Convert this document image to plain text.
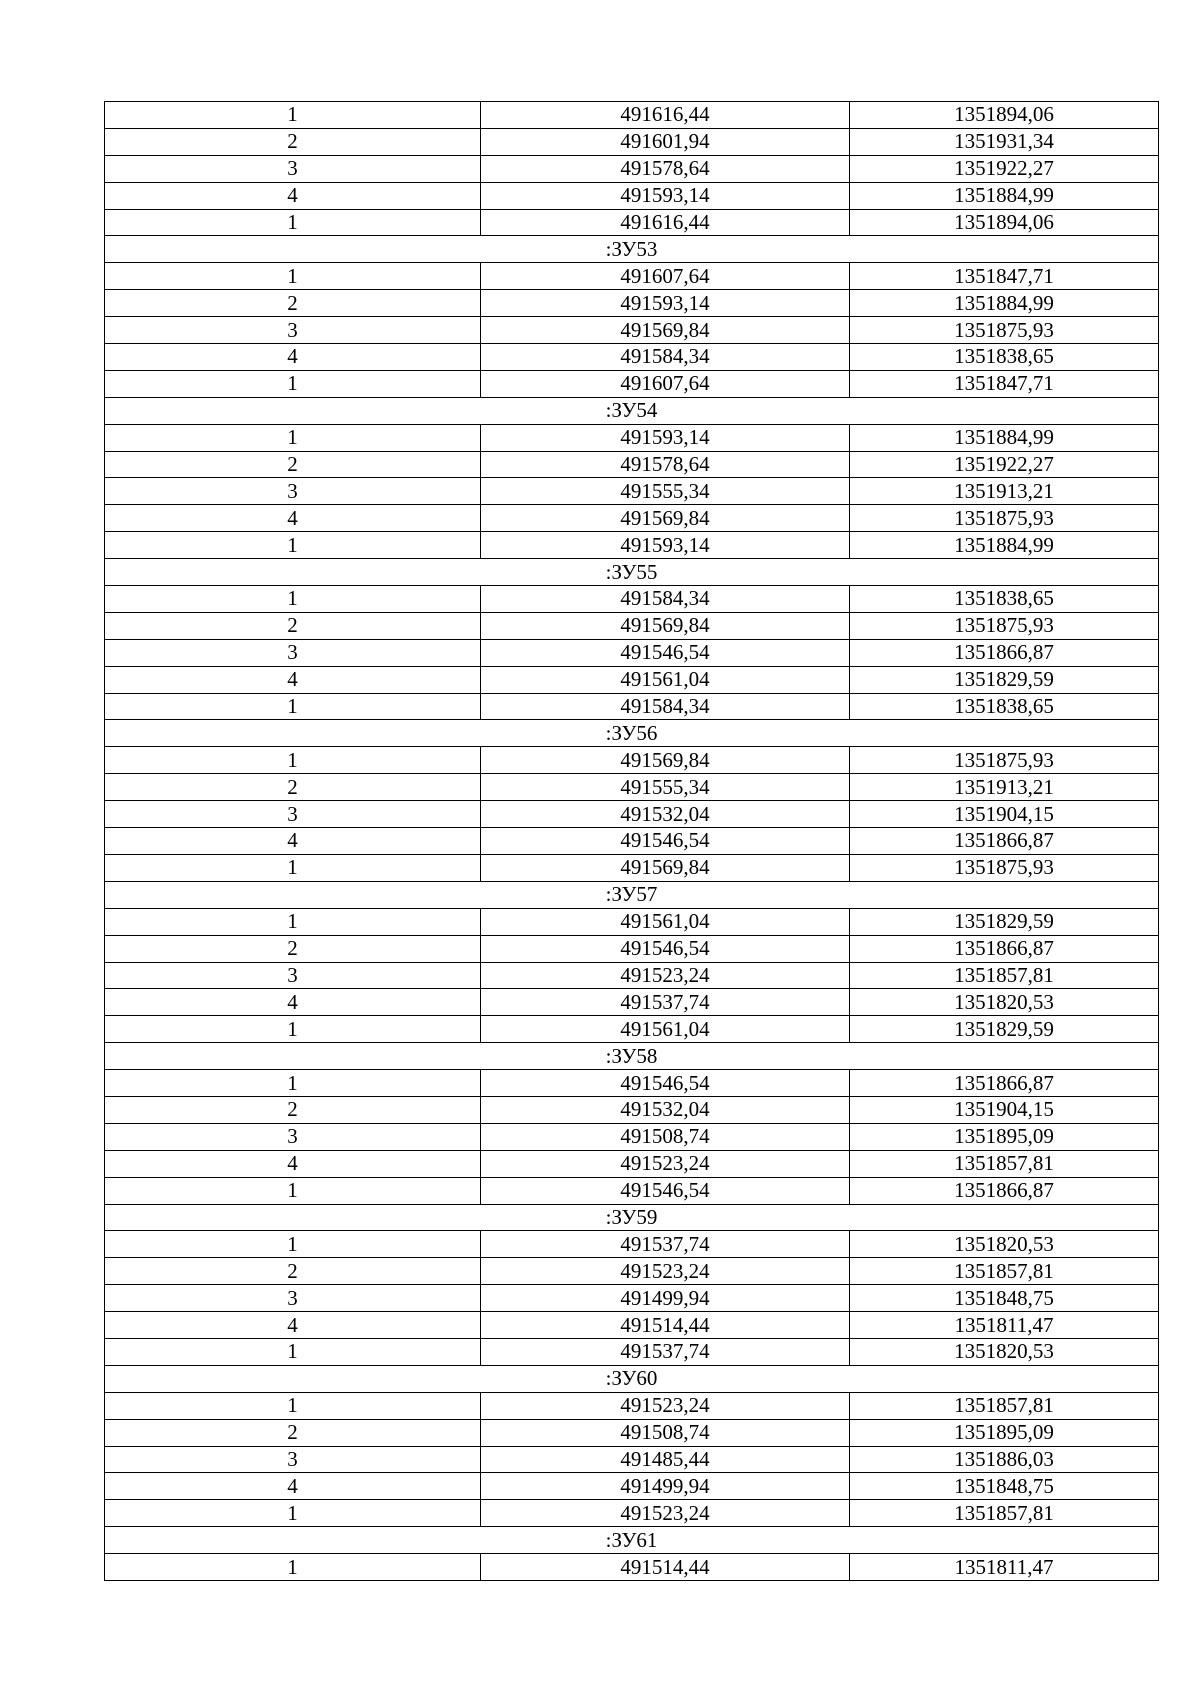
1	491616,44	1351894,06
2	491601,94	1351931,34
3	491578,64	1351922,27
4	491593,14	1351884,99
1	491616,44	1351894,06
:ЗУ53		
1	491607,64	1351847,71
2	491593,14	1351884,99
3	491569,84	1351875,93
4	491584,34	1351838,65
1	491607,64	1351847,71
:ЗУ54		
1	491593,14	1351884,99
2	491578,64	1351922,27
3	491555,34	1351913,21
4	491569,84	1351875,93
1	491593,14	1351884,99
:ЗУ55		
1	491584,34	1351838,65
2	491569,84	1351875,93
3	491546,54	1351866,87
4	491561,04	1351829,59
1	491584,34	1351838,65
:ЗУ56		
1	491569,84	1351875,93
2	491555,34	1351913,21
3	491532,04	1351904,15
4	491546,54	1351866,87
1	491569,84	1351875,93
:ЗУ57		
1	491561,04	1351829,59
2	491546,54	1351866,87
3	491523,24	1351857,81
4	491537,74	1351820,53
1	491561,04	1351829,59
:ЗУ58		
1	491546,54	1351866,87
2	491532,04	1351904,15
3	491508,74	1351895,09
4	491523,24	1351857,81
1	491546,54	1351866,87
:ЗУ59		
1	491537,74	1351820,53
2	491523,24	1351857,81
3	491499,94	1351848,75
4	491514,44	1351811,47
1	491537,74	1351820,53
:ЗУ60		
1	491523,24	1351857,81
2	491508,74	1351895,09
3	491485,44	1351886,03
4	491499,94	1351848,75
1	491523,24	1351857,81
:ЗУ61		
1	491514,44	1351811,47
